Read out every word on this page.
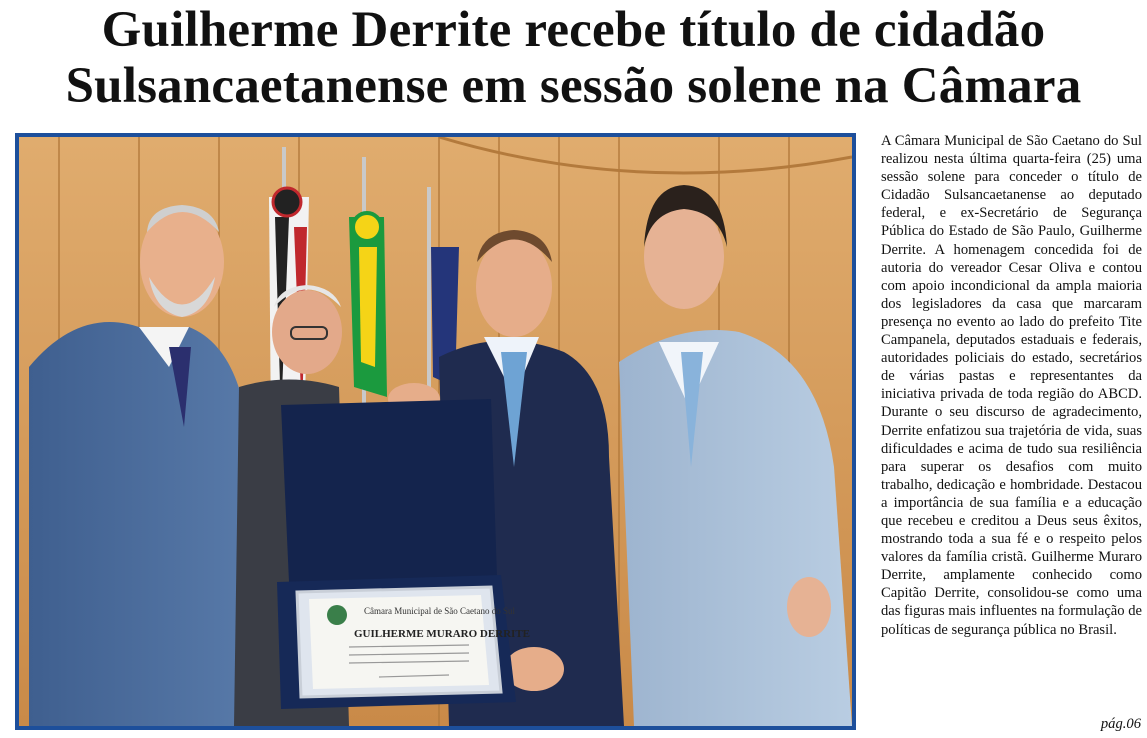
Guilherme Derrite recebe título de cidadão
Sulsancaetanense em sessão solene na Câmara
Câmara Municipal de São Caetano do Sul
GUILHERME MURARO DERRITE

A Câmara Municipal de São Caetano do Sul realizou nesta última quarta-feira (25) uma sessão solene para conceder o título de Cidadão Sulsancaetanense ao deputado federal, e ex-Secretário de Segurança Pública do Estado de São Paulo, Guilherme Derrite. A homenagem concedida foi de autoria do vereador Cesar Oliva e contou com apoio incondicional da ampla maioria dos legisladores da casa que marcaram presença no evento ao lado do prefeito Tite Campanela, deputados estaduais e federais, autoridades policiais do estado, secretários de várias pastas e representantes da iniciativa privada de toda região do ABCD. Durante o seu discurso de agradecimento, Derrite enfatizou sua trajetória de vida, suas dificuldades e acima de tudo sua resiliência para superar os desafios com muito trabalho, dedicação e hombridade. Destacou a importância de sua família e a educação que recebeu e creditou a Deus seus êxitos, mostrando toda a sua fé e o respeito pelos valores da família cristã. Guilherme Muraro Derrite, amplamente conhecido como Capitão Derrite, consolidou-se como uma das figuras mais influentes na formulação de políticas de segurança pública no Brasil.

pág.06
